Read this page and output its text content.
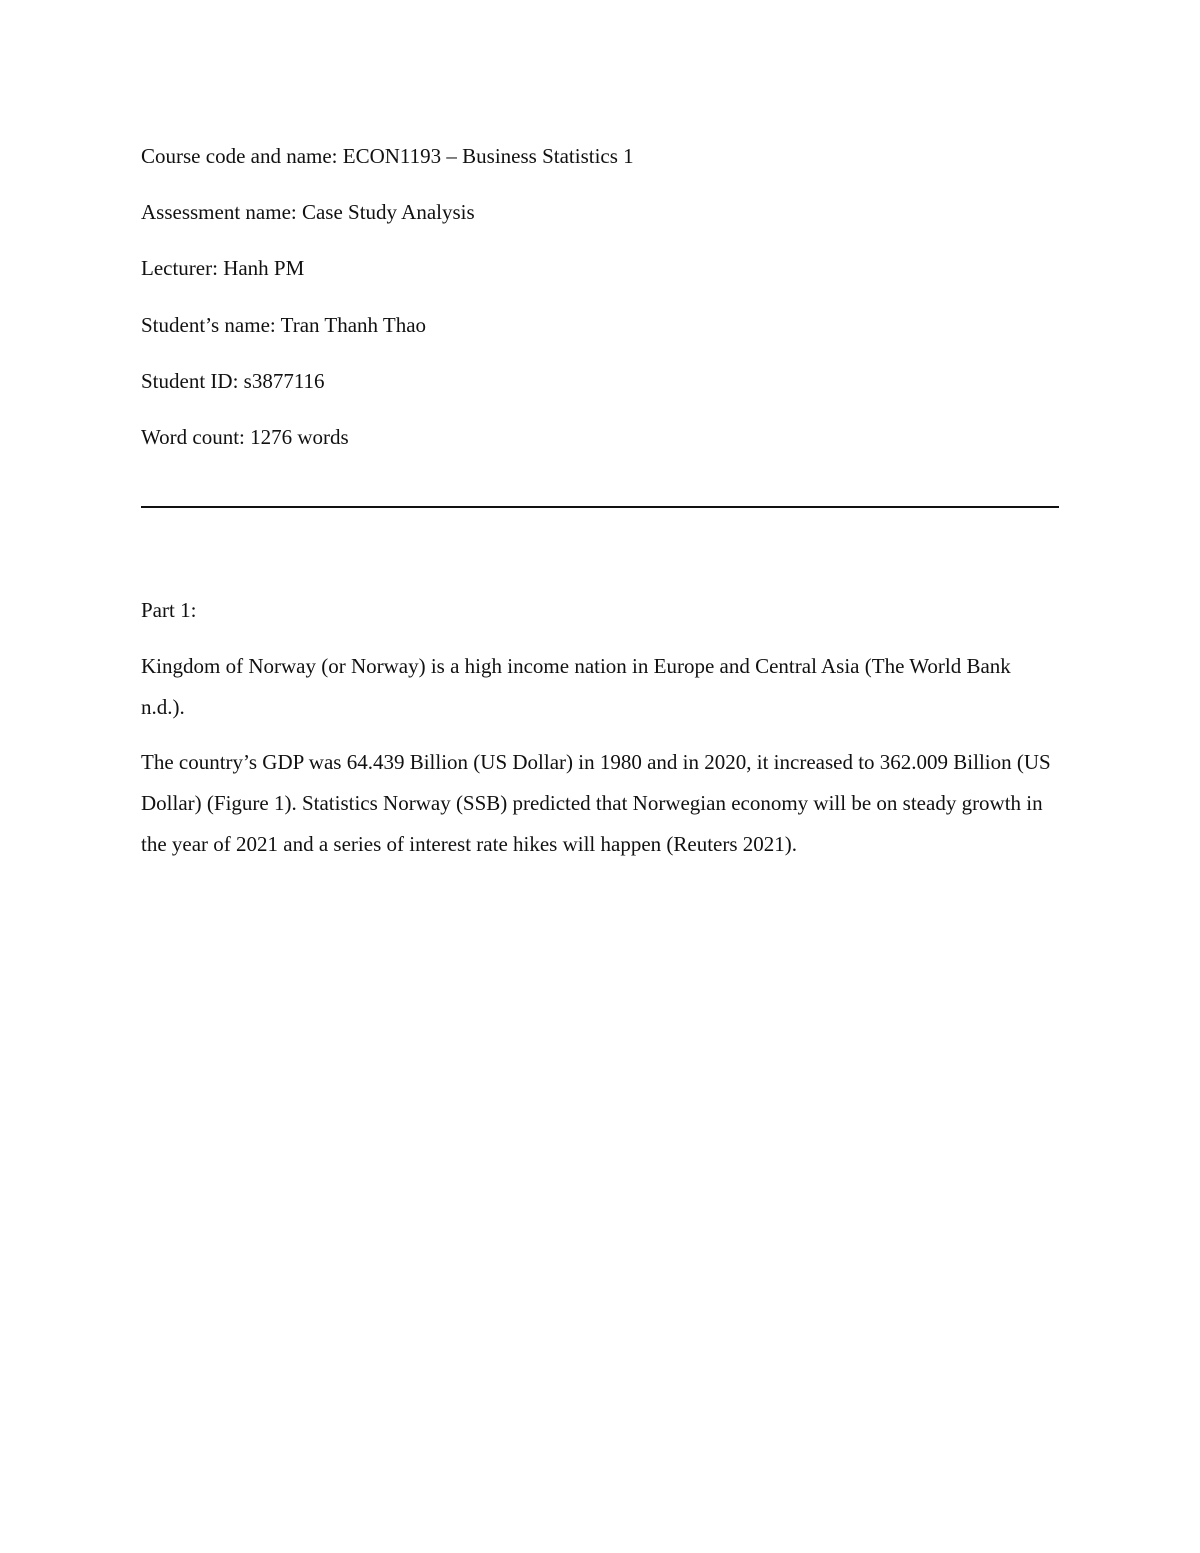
Course code and name: ECON1193 – Business Statistics 1

Assessment name: Case Study Analysis

Lecturer: Hanh PM

Student’s name: Tran Thanh Thao

Student ID: s3877116

Word count: 1276 words

Part 1:

Kingdom of Norway (or Norway) is a high income nation in Europe and Central Asia (The World Bank n.d.).

The country’s GDP was 64.439 Billion (US Dollar) in 1980 and in 2020, it increased to 362.009 Billion (US Dollar) (Figure 1). Statistics Norway (SSB) predicted that Norwegian economy will be on steady growth in the year of 2021 and a series of interest rate hikes will happen (Reuters 2021).
